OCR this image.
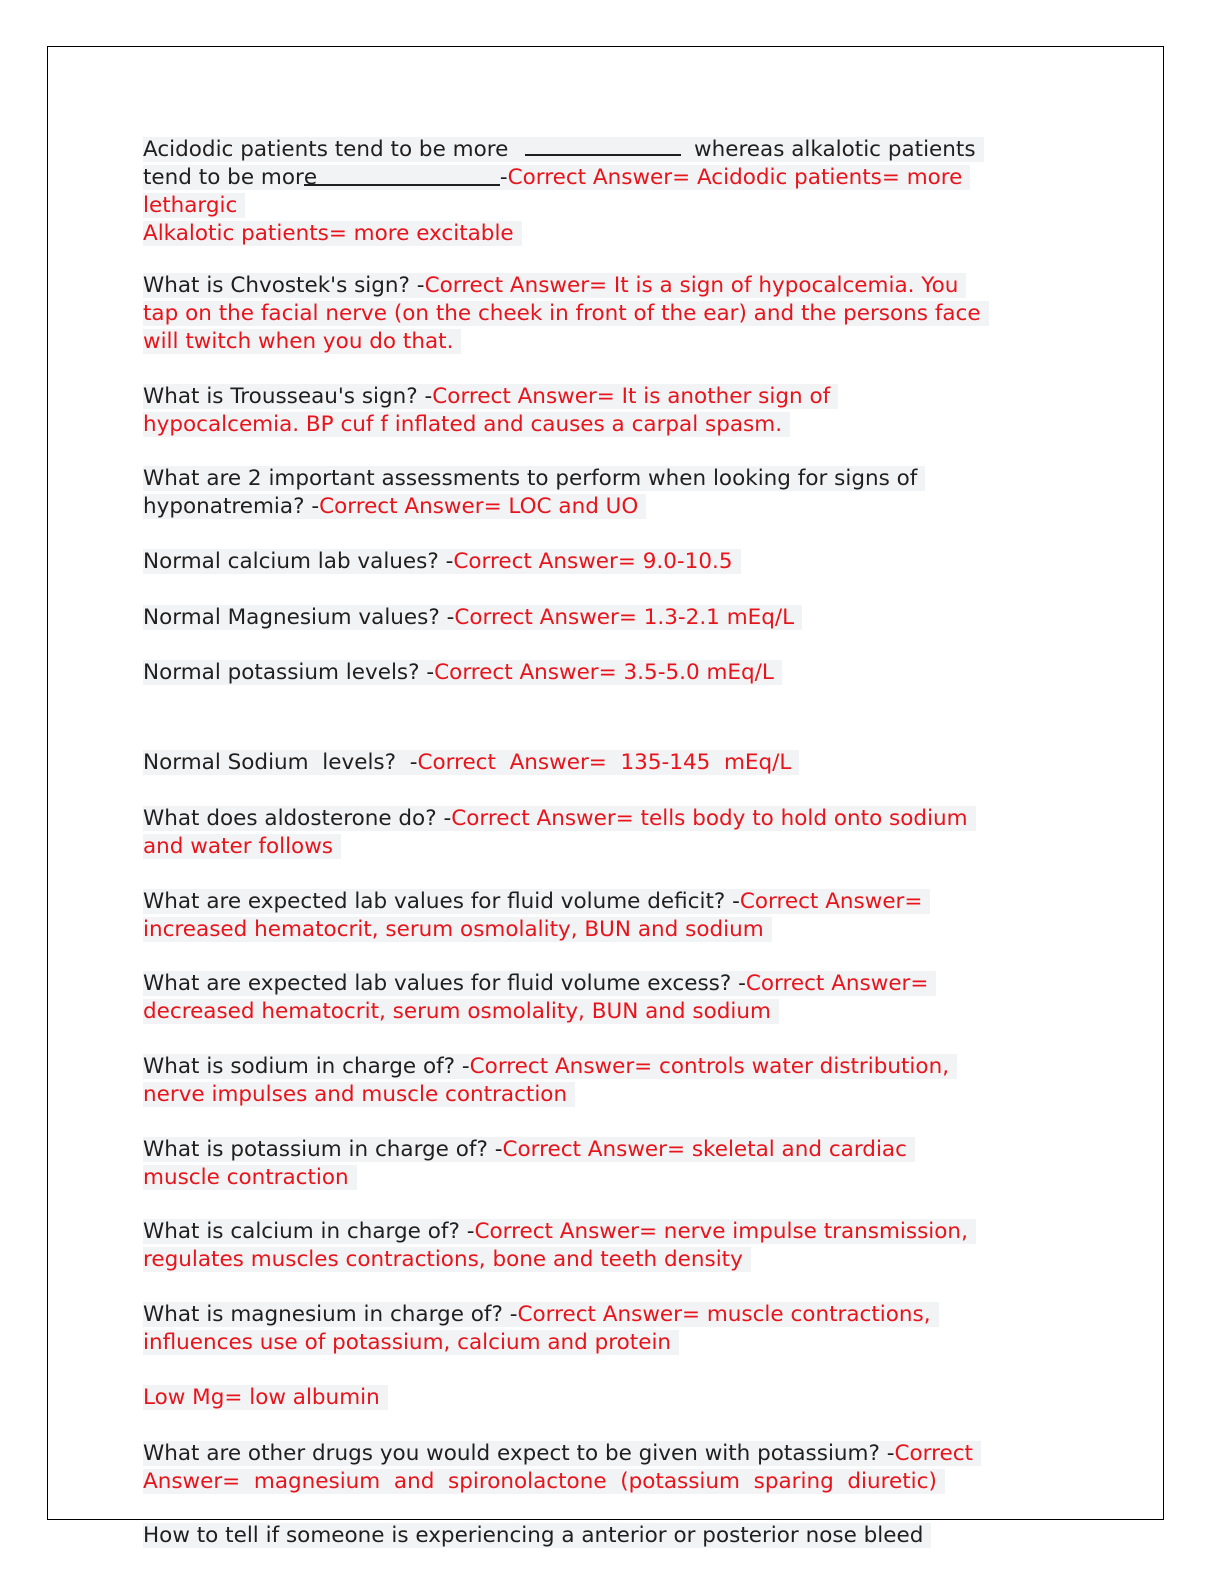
Acidodic patients tend to be more	whereas alkalotic patients
tend to be more	-Correct Answer= Acidodic patients= more
lethargic
Alkalotic patients= more excitable

What is Chvostek's sign? -Correct Answer= It is a sign of hypocalcemia. You
tap on the facial nerve (on the cheek in front of the ear) and the persons face
will twitch when you do that.

What is Trousseau's sign? -Correct Answer= It is another sign of
hypocalcemia. BP cuf f inflated and causes a carpal spasm.

What are 2 important assessments to perform when looking for signs of
hyponatremia? -Correct Answer= LOC and UO

Normal calcium lab values? -Correct Answer= 9.0-10.5

Normal Magnesium values? -Correct Answer= 1.3-2.1 mEq/L

Normal potassium levels? -Correct Answer= 3.5-5.0 mEq/L

Normal Sodium  levels?  -Correct  Answer=  135-145  mEq/L

What does aldosterone do? -Correct Answer= tells body to hold onto sodium
and water follows

What are expected lab values for fluid volume deficit? -Correct Answer=
increased hematocrit, serum osmolality, BUN and sodium

What are expected lab values for fluid volume excess? -Correct Answer=
decreased hematocrit, serum osmolality, BUN and sodium

What is sodium in charge of? -Correct Answer= controls water distribution,
nerve impulses and muscle contraction

What is potassium in charge of? -Correct Answer= skeletal and cardiac
muscle contraction

What is calcium in charge of? -Correct Answer= nerve impulse transmission,
regulates muscles contractions, bone and teeth density

What is magnesium in charge of? -Correct Answer= muscle contractions,
influences use of potassium, calcium and protein

Low Mg= low albumin

What are other drugs you would expect to be given with potassium? -Correct
Answer=  magnesium  and  spironolactone  (potassium  sparing  diuretic)

How to tell if someone is experiencing a anterior or posterior nose bleed
